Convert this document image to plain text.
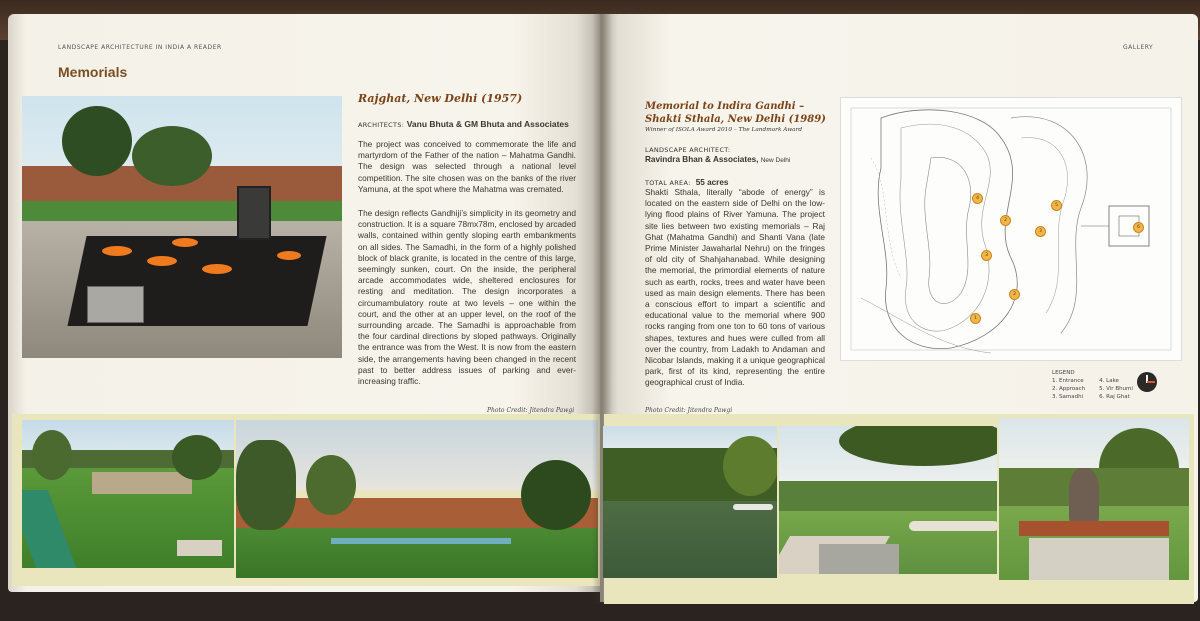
LANDSCAPE ARCHITECTURE IN INDIA A READER
Memorials
Rajghat, New Delhi (1957)
ARCHITECTS: Vanu Bhuta & GM Bhuta and Associates
The project was conceived to commemorate the life and martyrdom of the Father of the nation – Mahatma Gandhi. The design was selected through a national level competition. The site chosen was on the banks of the river Yamuna, at the spot where the Mahatma was cremated.
The design reflects Gandhiji’s simplicity in its geometry and construction. It is a square 78mx78m, enclosed by arcaded walls, contained within gently sloping earth embankments on all sides. The Samadhi, in the form of a highly polished block of black granite, is located in the centre of this large, seemingly sunken, court. On the inside, the peripheral arcade accommodates wide, sheltered enclosures for resting and meditation. The design incorporates a circumambulatory route at two levels – one within the court, and the other at an upper level, on the roof of the surrounding arcade. The Samadhi is approachable from the four cardinal directions by sloped pathways. Originally the entrance was from the West. It is now from the eastern side, the arrangements having been changed in the recent past to better address issues of parking and ever-increasing traffic.
Photo Credit: Jitendra Pawgi
GALLERY
Memorial to Indira Gandhi – Shakti Sthala, New Delhi (1989)
Winner of ISOLA Award 2010 – The Landmark Award
LANDSCAPE ARCHITECT:
Ravindra Bhan & Associates, New Delhi
TOTAL AREA: 55 acres
Shakti Sthala, literally “abode of energy” is located on the eastern side of Delhi on the low-lying flood plains of River Yamuna. The project site lies between two existing memorials – Raj Ghat (Mahatma Gandhi) and Shanti Vana (late Prime Minister Jawaharlal Nehru) on the fringes of old city of Shahjahanabad. While designing the memorial, the primordial elements of nature such as earth, rocks, trees and water have been used as main design elements. There has been a conscious effort to impart a scientific and educational value to the memorial where 900 rocks ranging from one ton to 60 tons of various shapes, textures and hues were culled from all over the country, from Ladakh to Andaman and Nicobar Islands, making it a unique geographical park, first of its kind, representing the entire geographical crust of India.
Photo Credit: Jitendra Pawgi
1
2
3
4
5
6
3
2
LEGEND
1. Entrance
2. Approach
3. Samadhi
4. Lake
5. Vir Bhumi
6. Raj Ghat
